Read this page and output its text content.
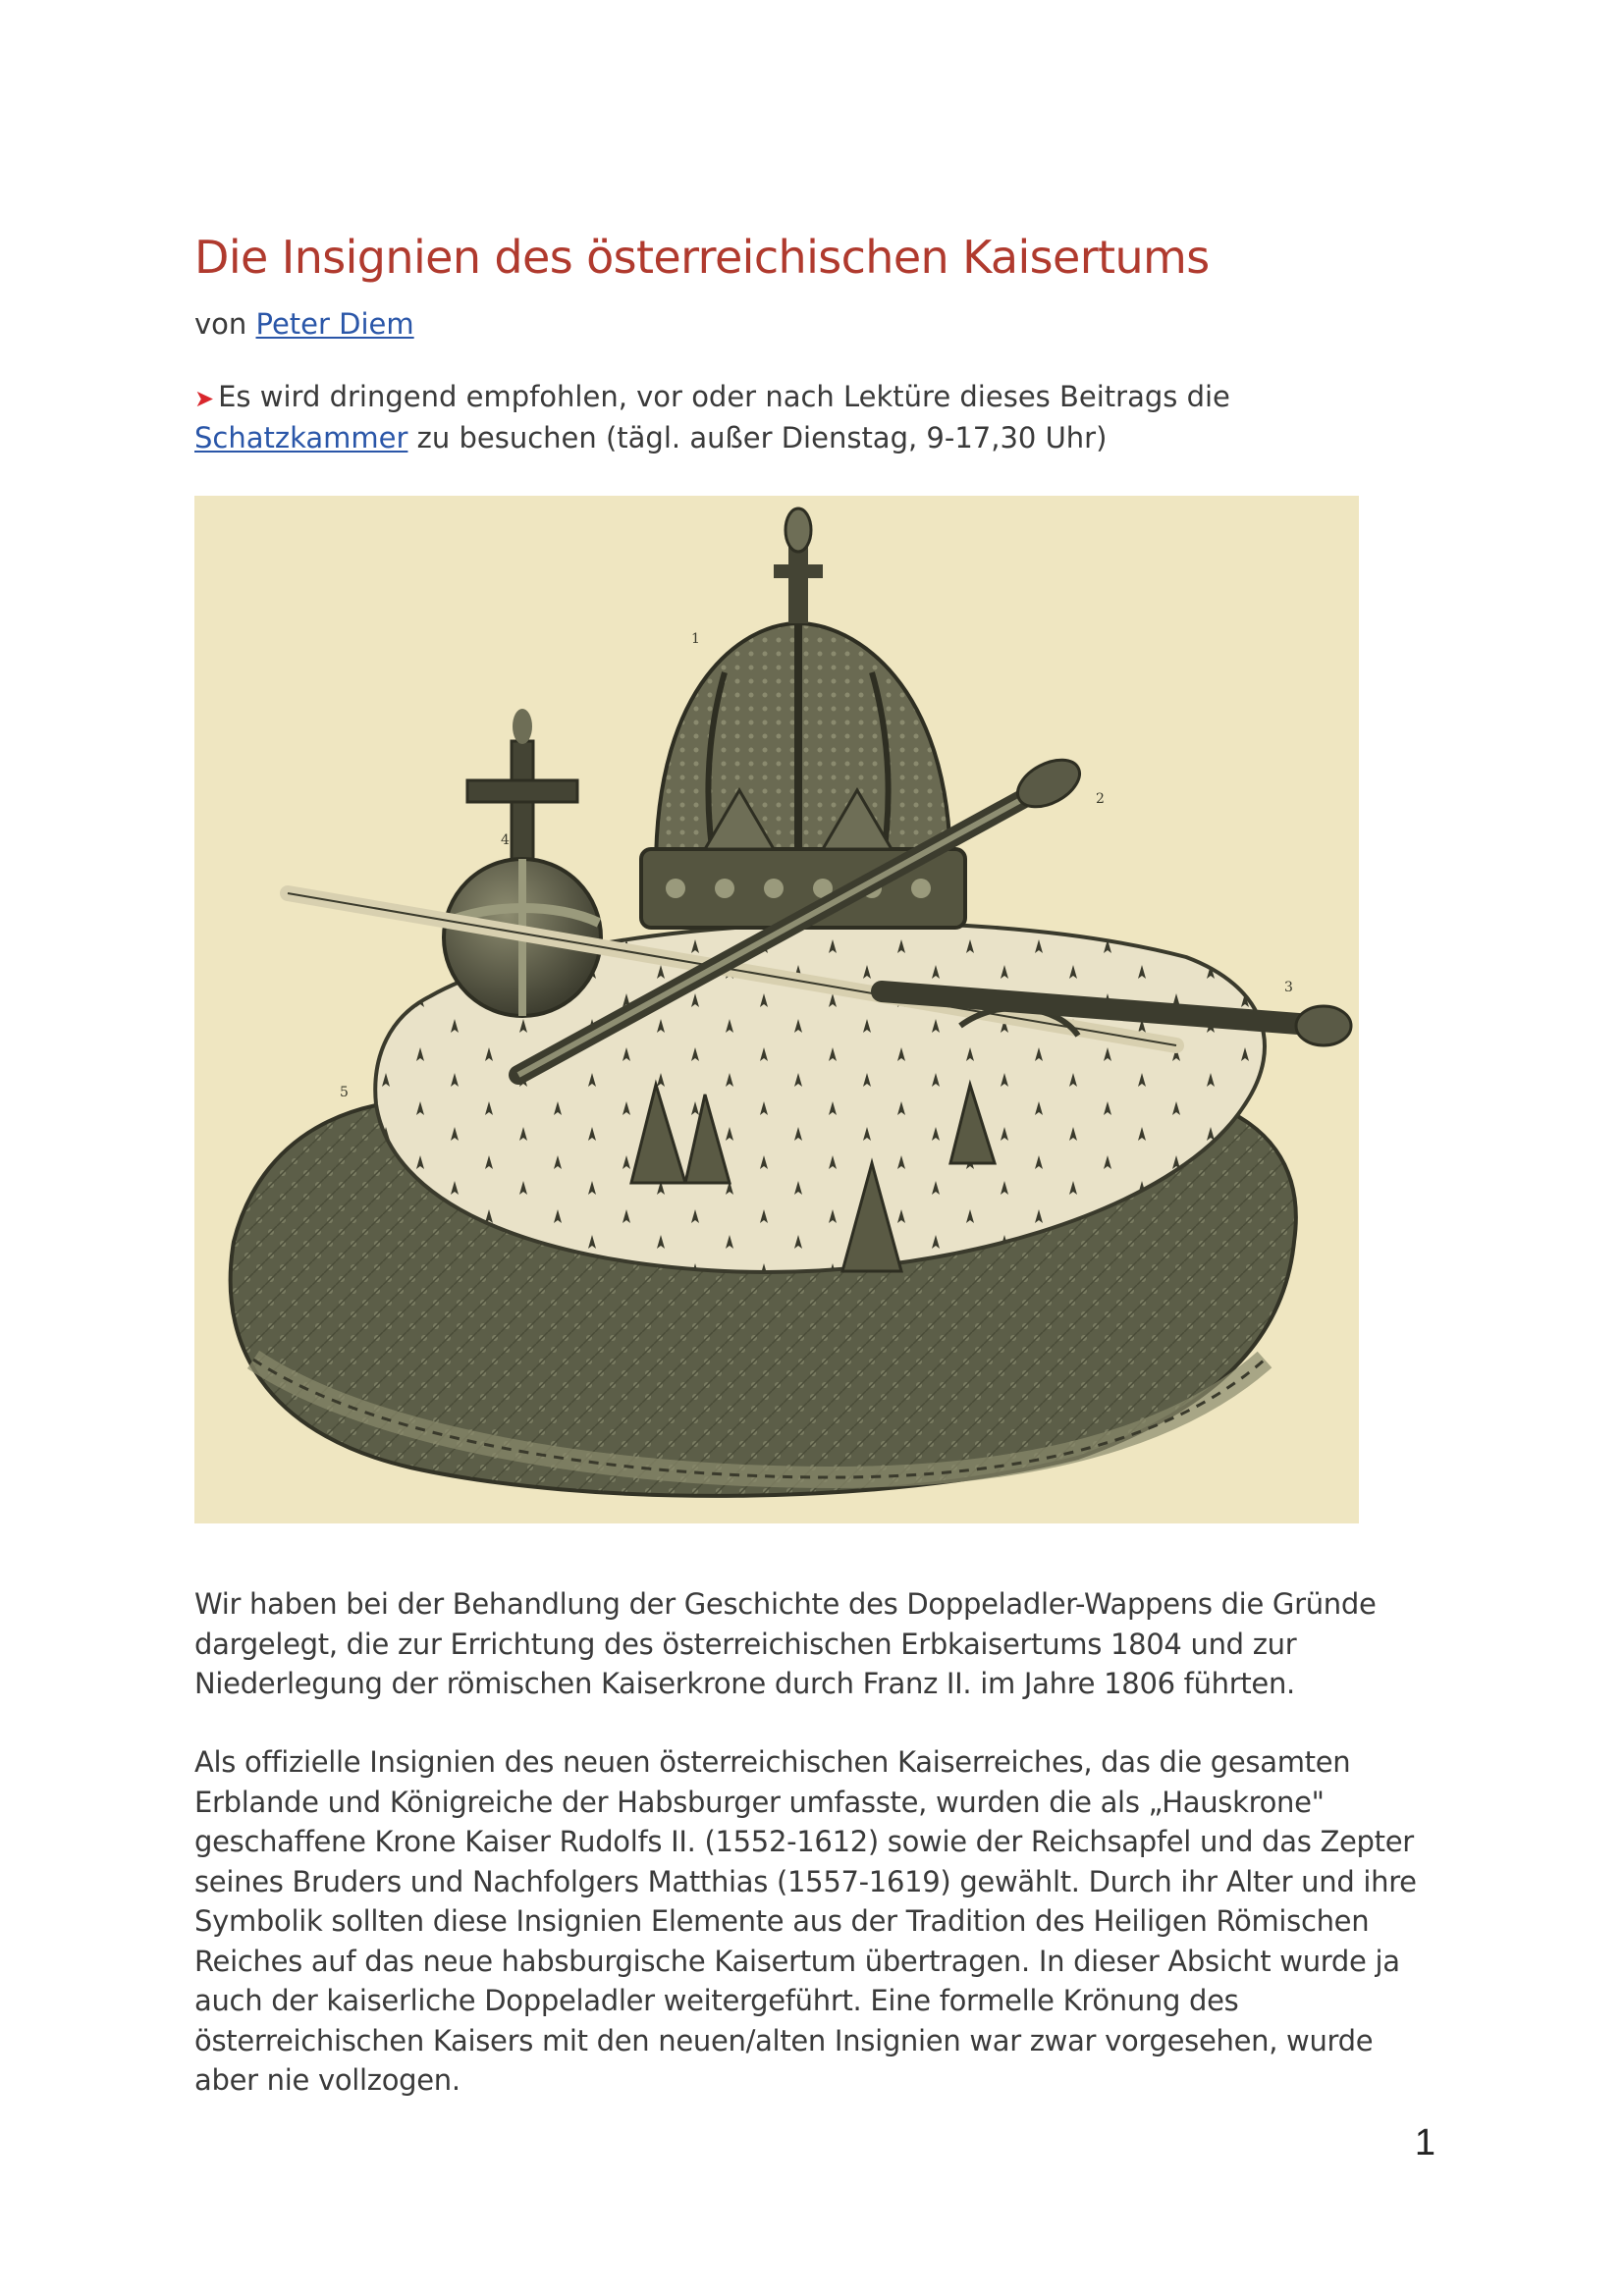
Die Insignien des österreichischen Kaisertums
von Peter Diem
➤ Es wird dringend empfohlen, vor oder nach Lektüre dieses Beitrags die Schatzkammer zu besuchen (tägl. außer Dienstag, 9-17,30 Uhr)
1
2
3
4
5

Wir haben bei der Behandlung der Geschichte des Doppeladler-Wappens die Gründe dargelegt, die zur Errichtung des österreichischen Erbkaisertums 1804 und zur Niederlegung der römischen Kaiserkrone durch Franz II. im Jahre 1806 führten.

Als offizielle Insignien des neuen österreichischen Kaiserreiches, das die gesamten Erblande und Königreiche der Habsburger umfasste, wurden die als „Hauskrone" geschaffene Krone Kaiser Rudolfs II. (1552-1612) sowie der Reichsapfel und das Zepter seines Bruders und Nachfolgers Matthias (1557-1619) gewählt. Durch ihr Alter und ihre Symbolik sollten diese Insignien Elemente aus der Tradition des Heiligen Römischen Reiches auf das neue habsburgische Kaisertum übertragen. In dieser Absicht wurde ja auch der kaiserliche Doppeladler weitergeführt. Eine formelle Krönung des österreichischen Kaisers mit den neuen/alten Insignien war zwar vorgesehen, wurde aber nie vollzogen.

1
